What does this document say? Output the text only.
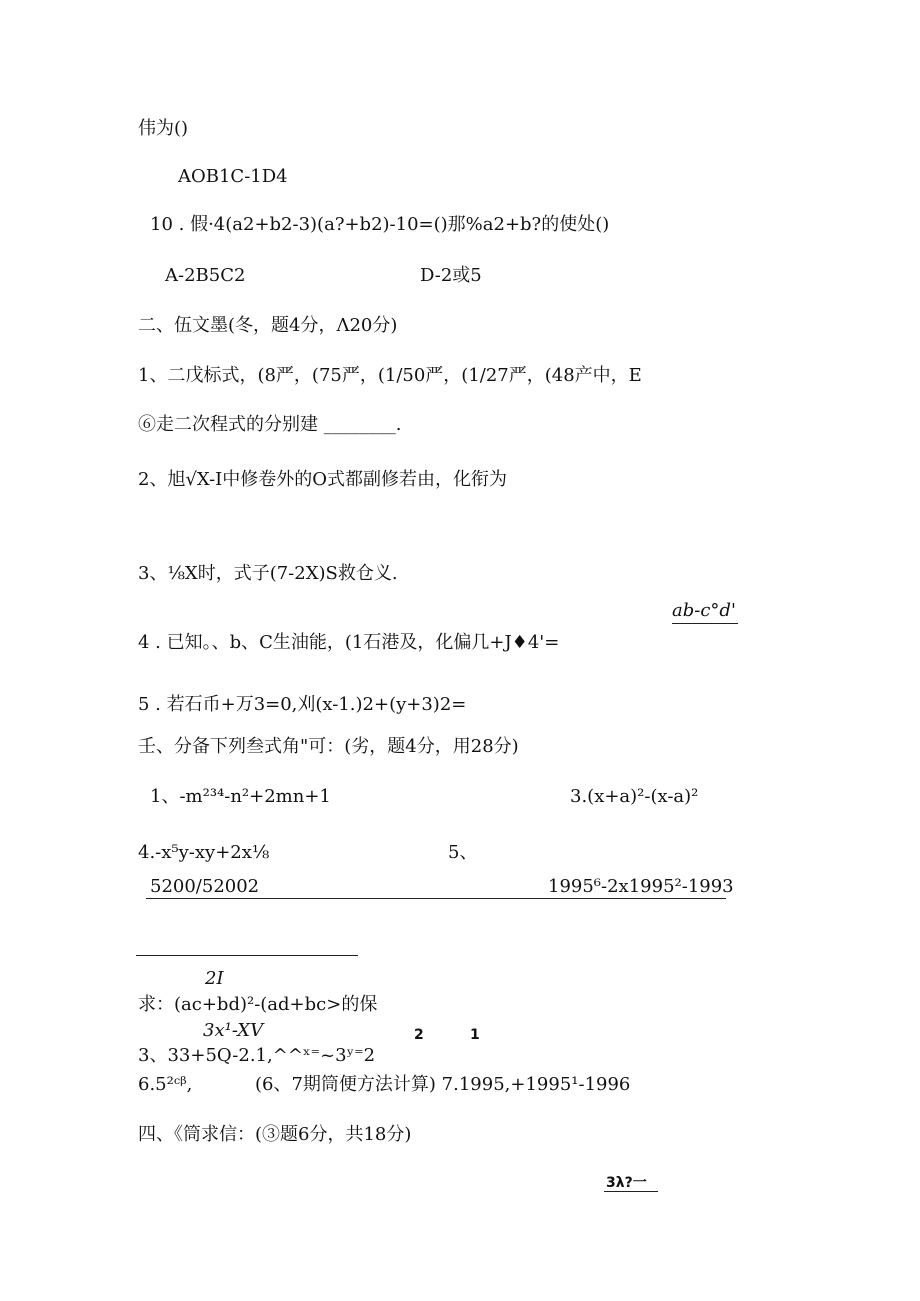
伟为()
AOB1C-1D4
10 . 假·4(a2+b2-3)(a?+b2)-10=()那%a2+b?的使处()
A-2B5C2	D-2或5
二、伍文墨(冬，题4分，Λ20分)
1、二戊标式，(8严，(75严，(1/50严，(1/27严，(48产中，E
⑥走二次程式的分别建 ________.
2、旭√X-I中修卷外的O式都副修若由，化衔为
3、⅛X时，式子(7-2X)S救仓义.
ab-c°d'
4 . 已知。、b、C生油能，(1石港及，化偏几+J♦4'=
5 . 若石币+万3=0,刈(x-1.)2+(y+3)2=
壬、分备下列叁式角"可：(劣，题4分，用28分)
1、-m²³⁴-n²+2mn+1	3.(x+a)²-(x-a)²
4.-x⁵y-xy+2x⅛	5、
5200/52002	1995⁶-2x1995²-1993
2I
求：(ac+bd)²-(ad+bc>的保
3x¹-XV	2	1
3、33+5Q-2.1,^^ˣ⁼~3ʸ⁼2
6.5²ᶜᵝ,	(6、7期筒便方法计算) 7.1995,+1995¹-1996
四、《筒求信：(③题6分，共18分)
3λ?一
